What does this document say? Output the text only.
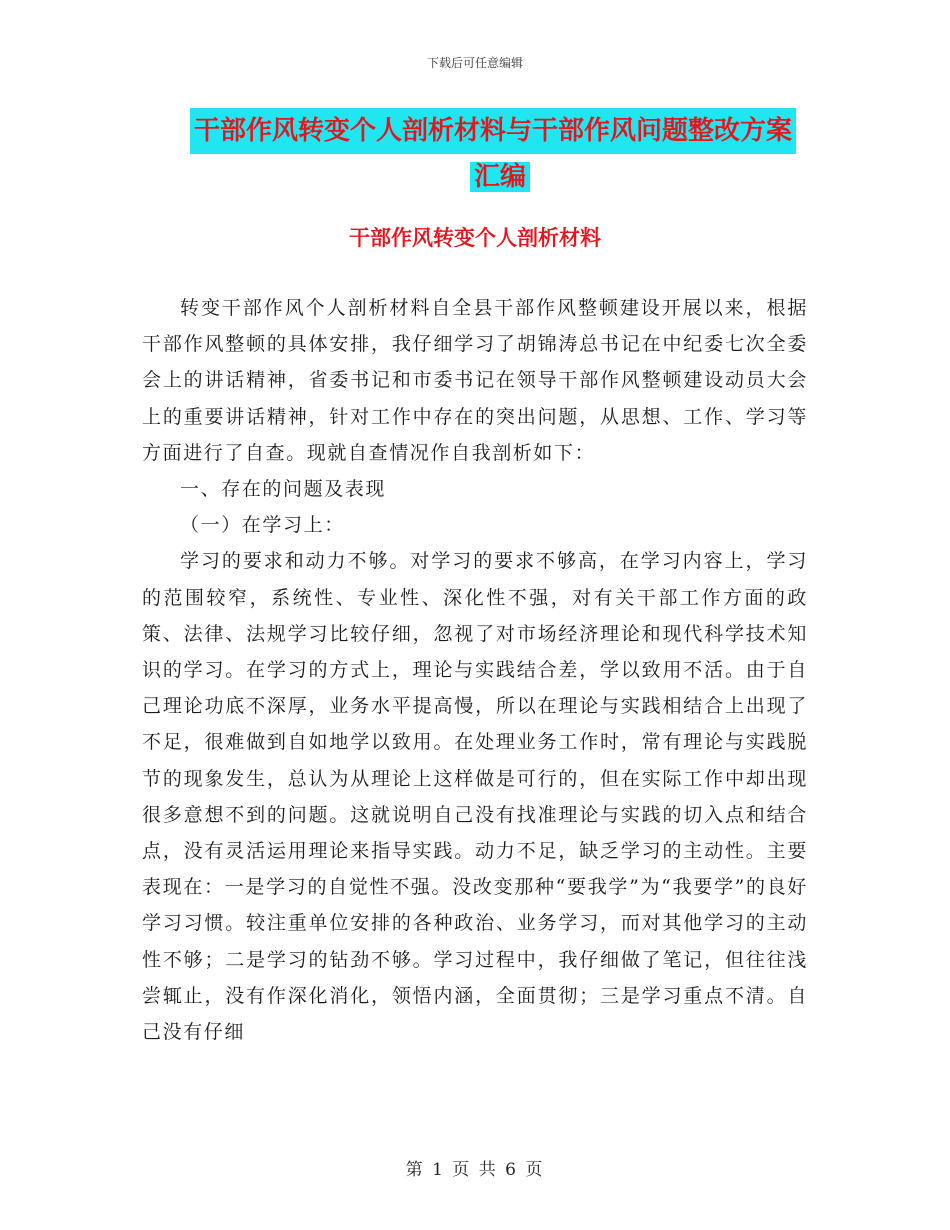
下载后可任意编辑
干部作风转变个人剖析材料与干部作风问题整改方案
汇编
干部作风转变个人剖析材料

转变干部作风个人剖析材料自全县干部作风整顿建设开展以来，根据干部作风整顿的具体安排，我仔细学习了胡锦涛总书记在中纪委七次全委会上的讲话精神，省委书记和市委书记在领导干部作风整顿建设动员大会上的重要讲话精神，针对工作中存在的突出问题，从思想、工作、学习等方面进行了自查。现就自查情况作自我剖析如下：

一、存在的问题及表现

（一）在学习上：

学习的要求和动力不够。对学习的要求不够高，在学习内容上，学习的范围较窄，系统性、专业性、深化性不强，对有关干部工作方面的政策、法律、法规学习比较仔细，忽视了对市场经济理论和现代科学技术知识的学习。在学习的方式上，理论与实践结合差，学以致用不活。由于自己理论功底不深厚，业务水平提高慢，所以在理论与实践相结合上出现了不足，很难做到自如地学以致用。在处理业务工作时，常有理论与实践脱节的现象发生，总认为从理论上这样做是可行的，但在实际工作中却出现很多意想不到的问题。这就说明自己没有找准理论与实践的切入点和结合点，没有灵活运用理论来指导实践。动力不足，缺乏学习的主动性。主要表现在：一是学习的自觉性不强。没改变那种“要我学”为“我要学”的良好学习习惯。较注重单位安排的各种政治、业务学习，而对其他学习的主动性不够；二是学习的钻劲不够。学习过程中，我仔细做了笔记，但往往浅尝辄止，没有作深化消化，领悟内涵，全面贯彻；三是学习重点不清。自己没有仔细

第 1 页 共 6 页
